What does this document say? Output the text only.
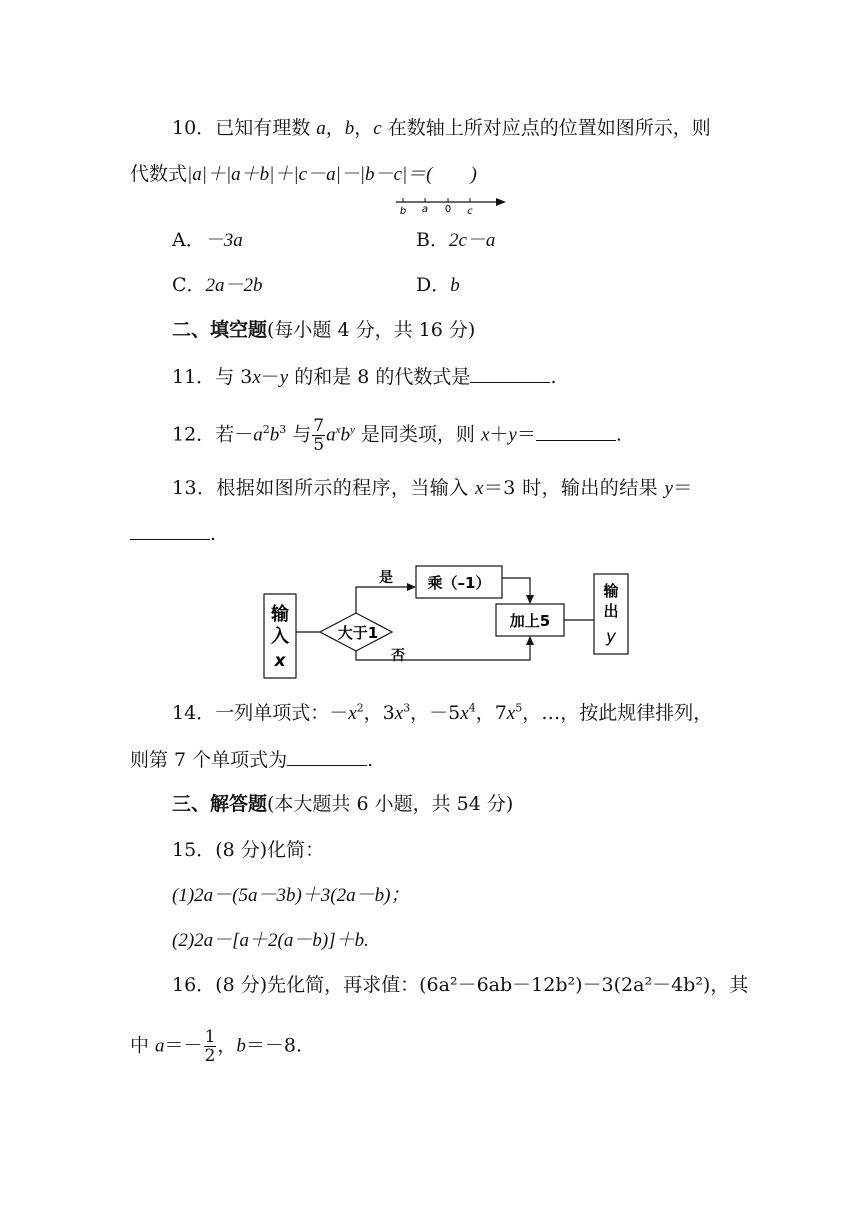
10．已知有理数 a，b，c 在数轴上所对应点的位置如图所示，则
代数式|a|＋|a＋b|＋|c－a|－|b－c|＝(　　)
b a 0 c
A．－3a	B．2c－a
C．2a－2b	D．b
二、填空题(每小题 4 分，共 16 分)
11．与 3x－y 的和是 8 的代数式是	.
12．若$-a^2b^3$ 与 $\frac{7}{5} a^xb^y$ 是同类项，则 x＋y＝	.
13．根据如图所示的程序，当输入 x＝3 时，输出的结果 y＝
.
输
入
x
大于1
是 乘（–1）
加上5
否
输
出
y
14．一列单项式：$-x^2$，$3x^3$，$-5x^4$，$7x^5$，…，按此规律排列，
则第 7 个单项式为	.
三、解答题(本大题共 6 小题，共 54 分)
15．(8 分)化简：
(1)2a－(5a－3b)＋3(2a－b)；
(2)2a－[a＋2(a－b)]＋b.
16．(8 分)先化简，再求值：(6a²－6ab－12b²)－3(2a²－4b²)，其
中 $a=- \frac{1}{2}$ ，b＝－8.
